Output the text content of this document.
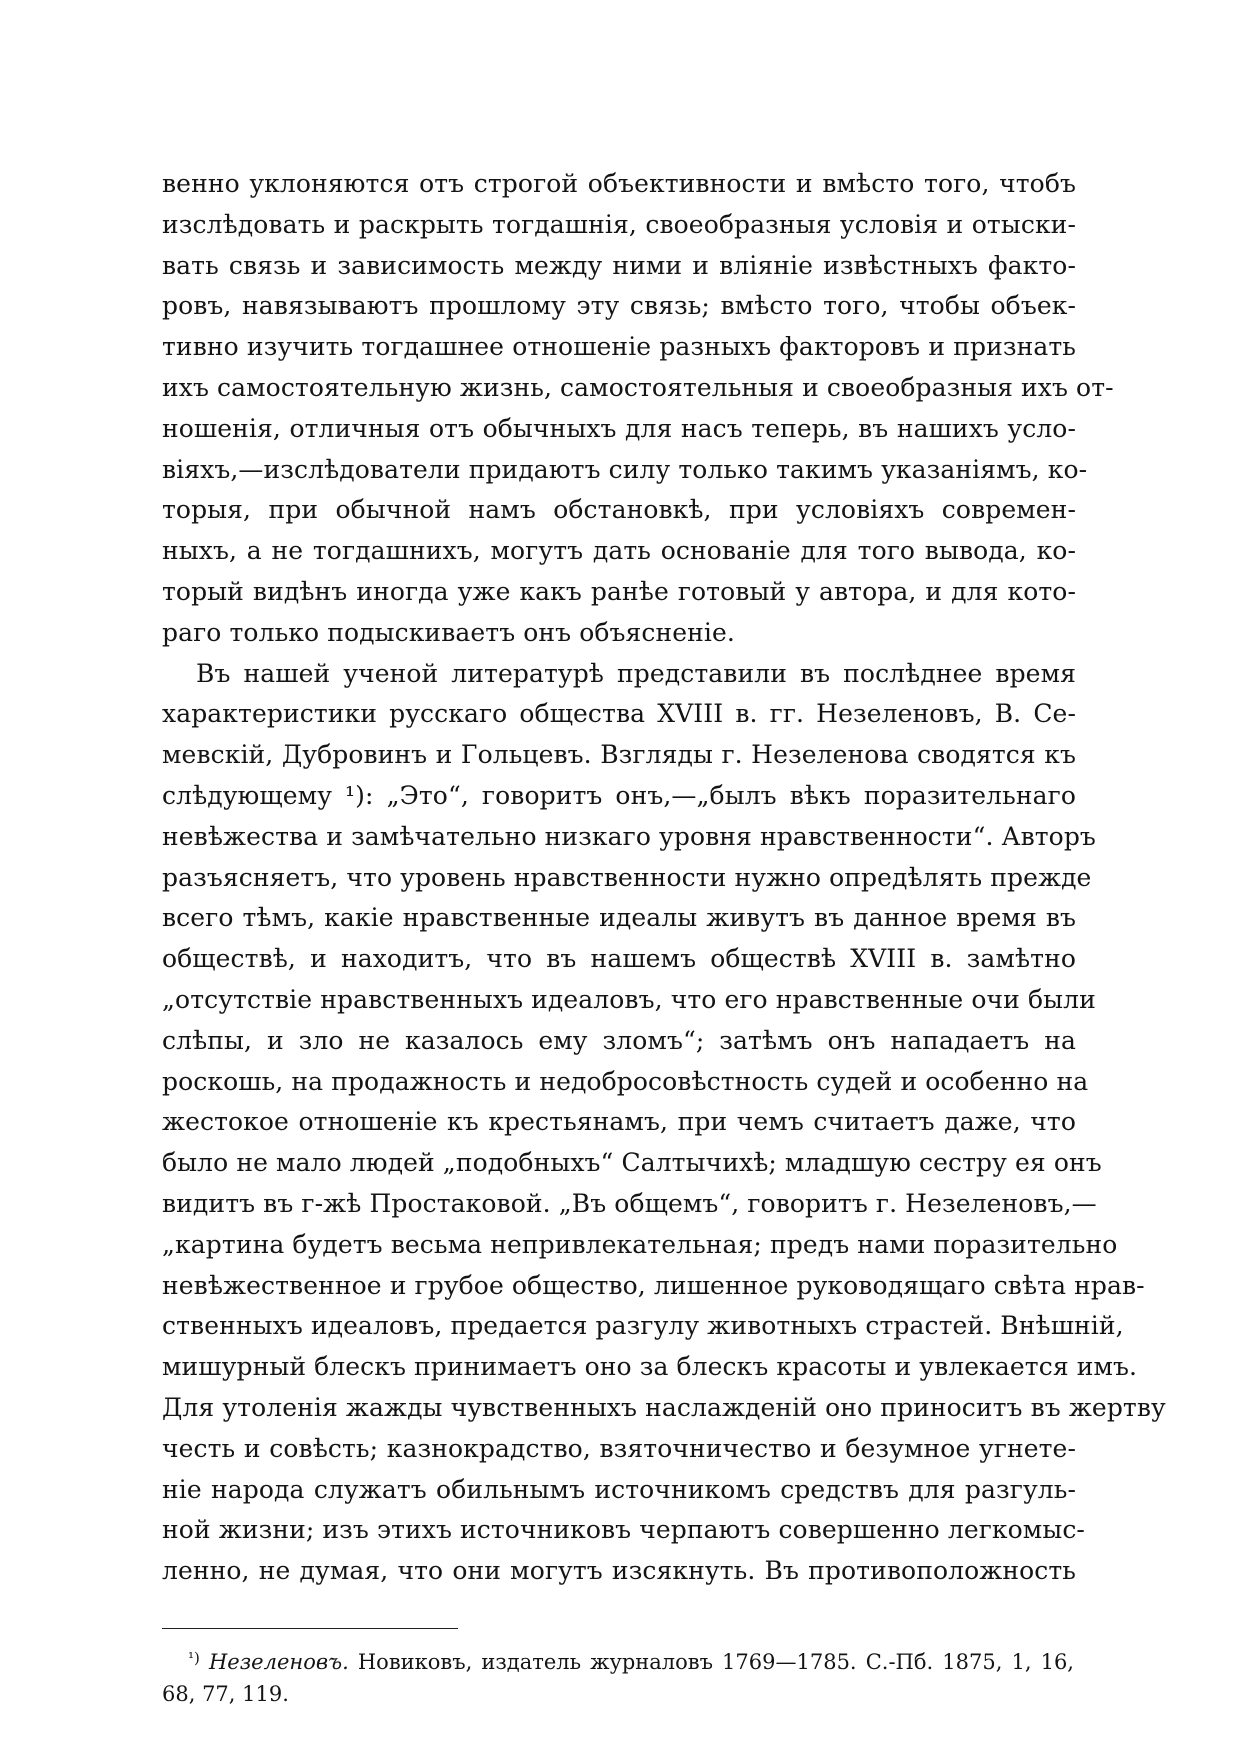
венно уклоняются отъ строгой объективности и вмѣсто того, чтобъ
изслѣдовать и раскрыть тогдашнія, своеобразныя условія и отыски-
вать связь и зависимость между ними и вліяніе извѣстныхъ факто-
ровъ, навязываютъ прошлому эту связь; вмѣсто того, чтобы объек-
тивно изучить тогдашнее отношеніе разныхъ факторовъ и признать
ихъ самостоятельную жизнь, самостоятельныя и своеобразныя ихъ от-
ношенія, отличныя отъ обычныхъ для насъ теперь, въ нашихъ усло-
віяхъ,—изслѣдователи придаютъ силу только такимъ указаніямъ, ко-
торыя, при обычной намъ обстановкѣ, при условіяхъ современ-
ныхъ, а не тогдашнихъ, могутъ дать основаніе для того вывода, ко-
торый видѣнъ иногда уже какъ ранѣе готовый у автора, и для кото-
раго только подыскиваетъ онъ объясненіе.
Въ нашей ученой литературѣ представили въ послѣднее время
характеристики русскаго общества XVIII в. гг. Незеленовъ, В. Се-
мевскій, Дубровинъ и Гольцевъ. Взгляды г. Незеленова сводятся къ
слѣдующему ¹): „Это“, говоритъ онъ,—„былъ вѣкъ поразительнаго
невѣжества и замѣчательно низкаго уровня нравственности“. Авторъ
разъясняетъ, что уровень нравственности нужно опредѣлять прежде
всего тѣмъ, какіе нравственные идеалы живутъ въ данное время въ
обществѣ, и находитъ, что въ нашемъ обществѣ XVIII в. замѣтно
„отсутствіе нравственныхъ идеаловъ, что его нравственные очи были
слѣпы, и зло не казалось ему зломъ“; затѣмъ онъ нападаетъ на
роскошь, на продажность и недобросовѣстность судей и особенно на
жестокое отношеніе къ крестьянамъ, при чемъ считаетъ даже, что
было не мало людей „подобныхъ“ Салтычихѣ; младшую сестру ея онъ
видитъ въ г-жѣ Простаковой. „Въ общемъ“, говоритъ г. Незеленовъ,—
„картина будетъ весьма непривлекательная; предъ нами поразительно
невѣжественное и грубое общество, лишенное руководящаго свѣта нрав-
ственныхъ идеаловъ, предается разгулу животныхъ страстей. Внѣшній,
мишурный блескъ принимаетъ оно за блескъ красоты и увлекается имъ.
Для утоленія жажды чувственныхъ наслажденій оно приноситъ въ жертву
честь и совѣсть; казнокрадство, взяточничество и безумное угнете-
ніе народа служатъ обильнымъ источникомъ средствъ для разгуль-
ной жизни; изъ этихъ источниковъ черпаютъ совершенно легкомыс-
ленно, не думая, что они могутъ изсякнуть. Въ противоположность
$^{^1)}$ Незеленовъ. Новиковъ, издатель журналовъ 1769—1785. С.-Пб. 1875, 1, 16,
68, 77, 119.
